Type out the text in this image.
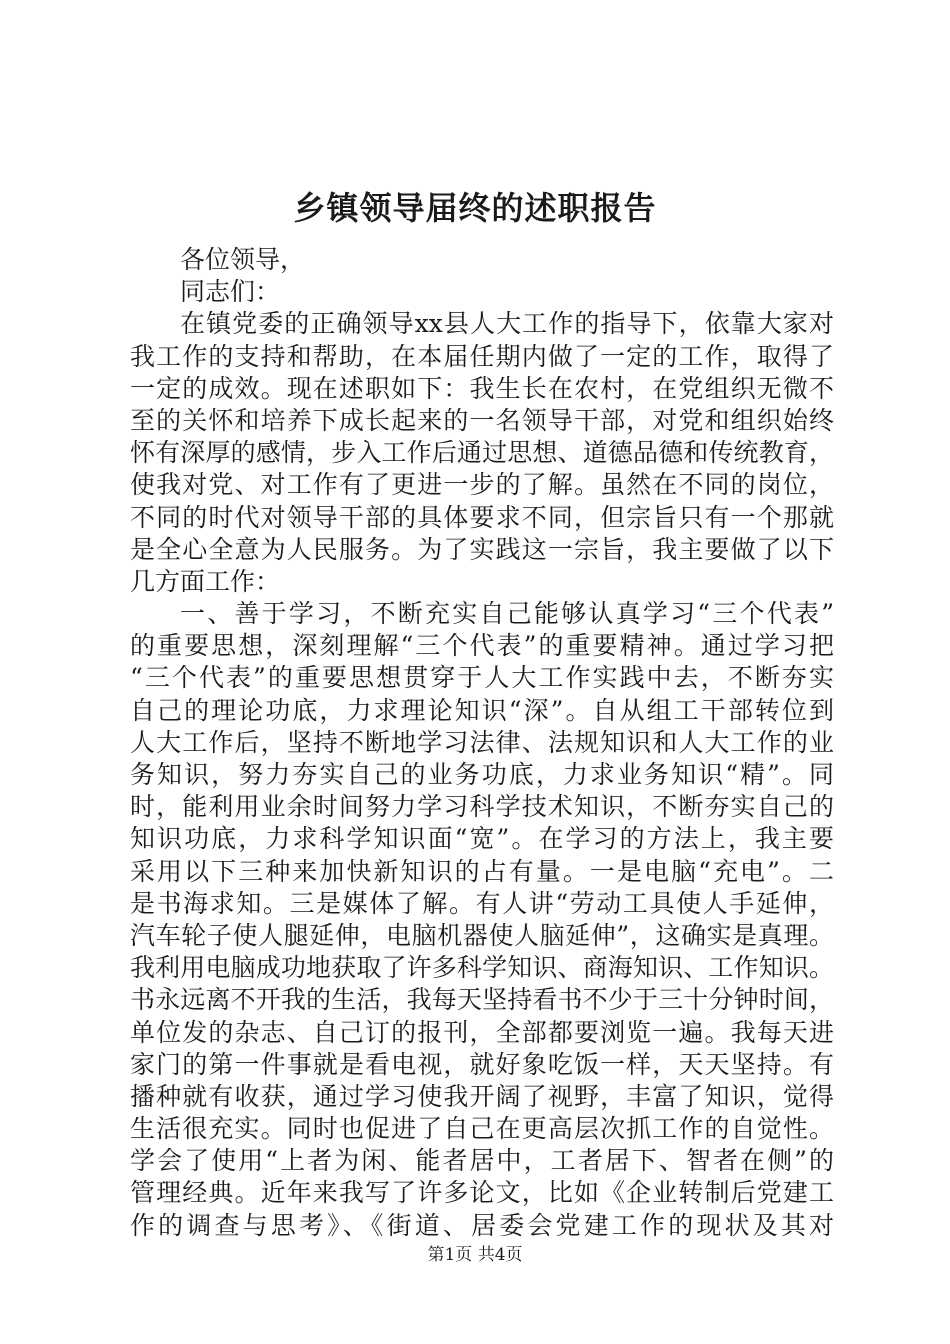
乡镇领导届终的述职报告
各位领导，
同志们：
在镇党委的正确领导xx县人大工作的指导下，依靠大家对
我工作的支持和帮助，在本届任期内做了一定的工作，取得了
一定的成效。现在述职如下：我生长在农村，在党组织无微不
至的关怀和培养下成长起来的一名领导干部，对党和组织始终
怀有深厚的感情，步入工作后通过思想、道德品德和传统教育，
使我对党、对工作有了更进一步的了解。虽然在不同的岗位，
不同的时代对领导干部的具体要求不同，但宗旨只有一个那就
是全心全意为人民服务。为了实践这一宗旨，我主要做了以下
几方面工作：
一、善于学习，不断充实自己能够认真学习“三个代表”
的重要思想，深刻理解“三个代表”的重要精神。通过学习把
“三个代表”的重要思想贯穿于人大工作实践中去，不断夯实
自己的理论功底，力求理论知识“深”。自从组工干部转位到
人大工作后，坚持不断地学习法律、法规知识和人大工作的业
务知识，努力夯实自己的业务功底，力求业务知识“精”。同
时，能利用业余时间努力学习科学技术知识，不断夯实自己的
知识功底，力求科学知识面“宽”。在学习的方法上，我主要
采用以下三种来加快新知识的占有量。一是电脑“充电”。二
是书海求知。三是媒体了解。有人讲“劳动工具使人手延伸，
汽车轮子使人腿延伸，电脑机器使人脑延伸”，这确实是真理。
我利用电脑成功地获取了许多科学知识、商海知识、工作知识。
书永远离不开我的生活，我每天坚持看书不少于三十分钟时间，
单位发的杂志、自己订的报刊，全部都要浏览一遍。我每天进
家门的第一件事就是看电视，就好象吃饭一样，天天坚持。有
播种就有收获，通过学习使我开阔了视野，丰富了知识，觉得
生活很充实。同时也促进了自己在更高层次抓工作的自觉性。
学会了使用“上者为闲、能者居中，工者居下、智者在侧”的
管理经典。近年来我写了许多论文，比如《企业转制后党建工
作的调查与思考》、《街道、居委会党建工作的现状及其对
第1页 共4页
